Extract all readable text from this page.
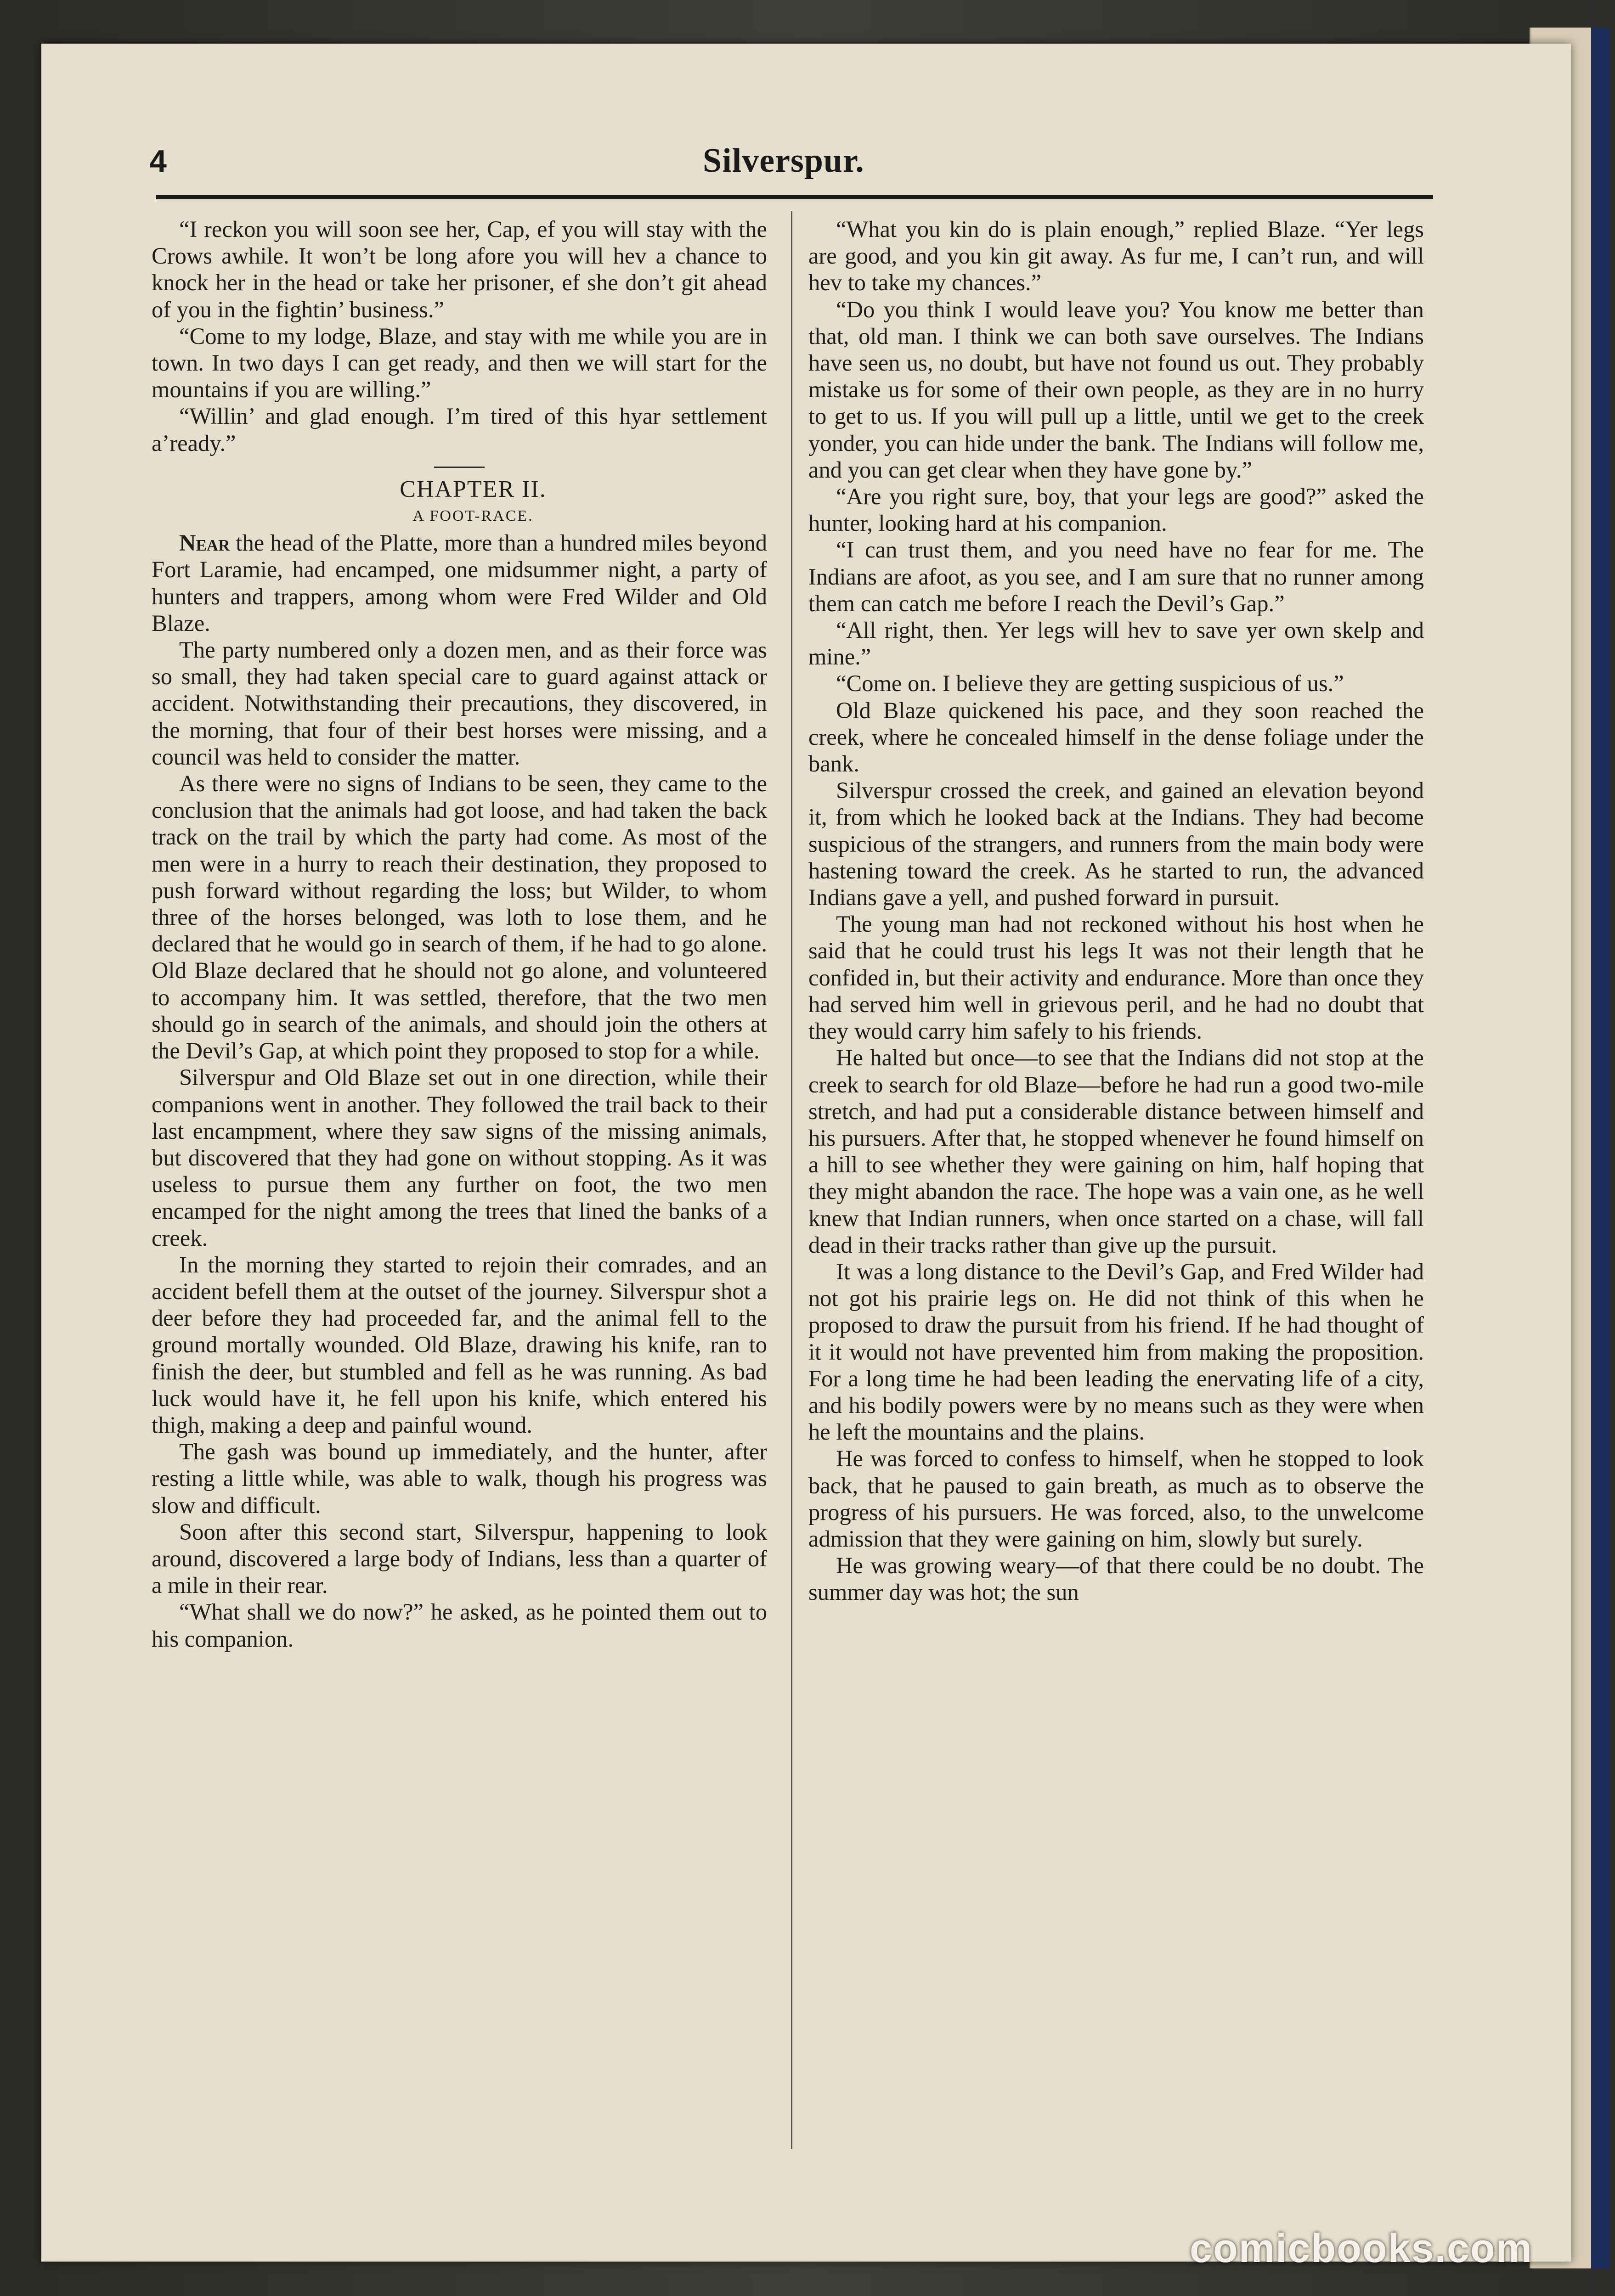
4	Silverspur.

“I reckon you will soon see her, Cap, ef you will stay with the Crows awhile. It won’t be long afore you will hev a chance to knock her in the head or take her prisoner, ef she don’t git ahead of you in the fightin’ business.”

“Come to my lodge, Blaze, and stay with me while you are in town. In two days I can get ready, and then we will start for the mountains if you are willing.”

“Willin’ and glad enough. I’m tired of this hyar settlement a’ready.”

CHAPTER II.

A FOOT-RACE.

Near the head of the Platte, more than a hundred miles beyond Fort Laramie, had encamped, one midsummer night, a party of hunters and trappers, among whom were Fred Wilder and Old Blaze.

The party numbered only a dozen men, and as their force was so small, they had taken special care to guard against attack or accident. Notwithstanding their precautions, they discovered, in the morning, that four of their best horses were missing, and a council was held to consider the matter.

As there were no signs of Indians to be seen, they came to the conclusion that the animals had got loose, and had taken the back track on the trail by which the party had come. As most of the men were in a hurry to reach their destination, they proposed to push forward without regarding the loss; but Wilder, to whom three of the horses belonged, was loth to lose them, and he declared that he would go in search of them, if he had to go alone. Old Blaze declared that he should not go alone, and volunteered to accompany him. It was settled, therefore, that the two men should go in search of the animals, and should join the others at the Devil’s Gap, at which point they proposed to stop for a while.

Silverspur and Old Blaze set out in one direction, while their companions went in another. They followed the trail back to their last encampment, where they saw signs of the missing animals, but discovered that they had gone on without stopping. As it was useless to pursue them any further on foot, the two men encamped for the night among the trees that lined the banks of a creek.

In the morning they started to rejoin their comrades, and an accident befell them at the outset of the journey. Silverspur shot a deer before they had proceeded far, and the animal fell to the ground mortally wounded. Old Blaze, drawing his knife, ran to finish the deer, but stumbled and fell as he was running. As bad luck would have it, he fell upon his knife, which entered his thigh, making a deep and painful wound.

The gash was bound up immediately, and the hunter, after resting a little while, was able to walk, though his progress was slow and difficult.

Soon after this second start, Silverspur, happening to look around, discovered a large body of Indians, less than a quarter of a mile in their rear.

“What shall we do now?” he asked, as he pointed them out to his companion.

“What you kin do is plain enough,” replied Blaze. “Yer legs are good, and you kin git away. As fur me, I can’t run, and will hev to take my chances.”

“Do you think I would leave you? You know me better than that, old man. I think we can both save ourselves. The Indians have seen us, no doubt, but have not found us out. They probably mistake us for some of their own people, as they are in no hurry to get to us. If you will pull up a little, until we get to the creek yonder, you can hide under the bank. The Indians will follow me, and you can get clear when they have gone by.”

“Are you right sure, boy, that your legs are good?” asked the hunter, looking hard at his companion.

“I can trust them, and you need have no fear for me. The Indians are afoot, as you see, and I am sure that no runner among them can catch me before I reach the Devil’s Gap.”

“All right, then. Yer legs will hev to save yer own skelp and mine.”

“Come on. I believe they are getting suspicious of us.”

Old Blaze quickened his pace, and they soon reached the creek, where he concealed himself in the dense foliage under the bank.

Silverspur crossed the creek, and gained an elevation beyond it, from which he looked back at the Indians. They had become suspicious of the strangers, and runners from the main body were hastening toward the creek. As he started to run, the advanced Indians gave a yell, and pushed forward in pursuit.

The young man had not reckoned without his host when he said that he could trust his legs It was not their length that he confided in, but their activity and endurance. More than once they had served him well in grievous peril, and he had no doubt that they would carry him safely to his friends.

He halted but once—to see that the Indians did not stop at the creek to search for old Blaze—before he had run a good two-mile stretch, and had put a considerable distance between himself and his pursuers. After that, he stopped whenever he found himself on a hill to see whether they were gaining on him, half hoping that they might abandon the race. The hope was a vain one, as he well knew that Indian runners, when once started on a chase, will fall dead in their tracks rather than give up the pursuit.

It was a long distance to the Devil’s Gap, and Fred Wilder had not got his prairie legs on. He did not think of this when he proposed to draw the pursuit from his friend. If he had thought of it it would not have prevented him from making the proposition. For a long time he had been leading the enervating life of a city, and his bodily powers were by no means such as they were when he left the mountains and the plains.

He was forced to confess to himself, when he stopped to look back, that he paused to gain breath, as much as to observe the progress of his pursuers. He was forced, also, to the unwelcome admission that they were gaining on him, slowly but surely.

He was growing weary—of that there could be no doubt. The summer day was hot; the sun

comicbooks.com
